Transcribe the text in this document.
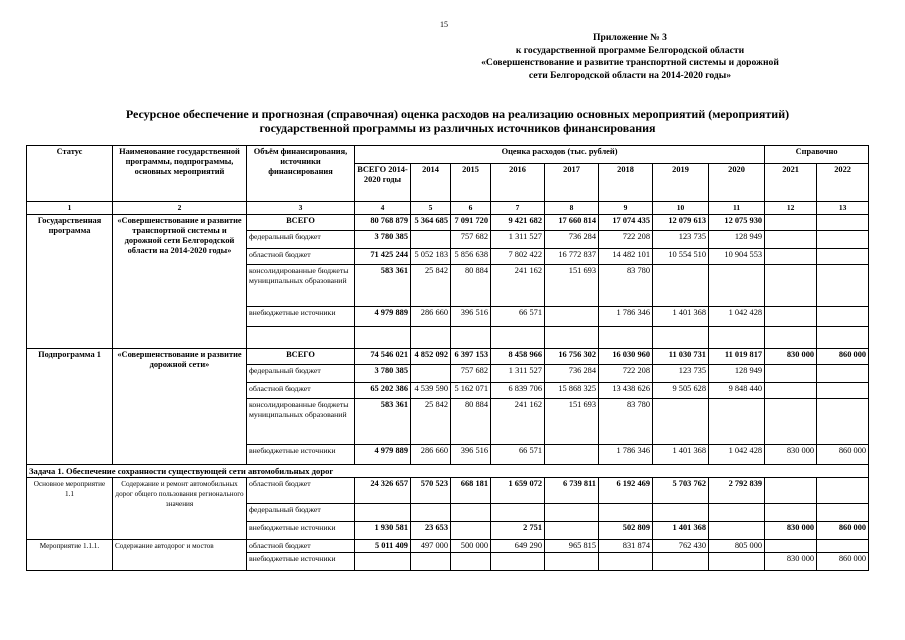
15
Приложение № 3
к государственной программе Белгородской области
«Совершенствование и развитие транспортной системы и дорожной
сети Белгородской области на 2014-2020 годы»
Ресурсное обеспечение и прогнозная (справочная) оценка расходов на реализацию основных мероприятий (мероприятий)
государственной программы из различных источников финансирования
Статус	Наименование государственной программы, подпрограммы, основных мероприятий	Объём финансирования, источники финансирования	Оценка расходов (тыс. рублей)								Справочно	
			ВСЕГО 2014-2020 годы	2014	2015	2016	2017	2018	2019	2020	2021	2022
1	2	3	4	5	6	7	8	9	10	11	12	13
Государственная программа	«Совершенствование и развитие транспортной системы и дорожной сети Белгородской области на 2014-2020 годы»	ВСЕГО	80 768 879	5 364 685	7 091 720	9 421 682	17 660 814	17 074 435	12 079 613	12 075 930		
		федеральный бюджет	3 780 385		757 682	1 311 527	736 284	722 208	123 735	128 949		
		областной бюджет	71 425 244	5 052 183	5 856 638	7 802 422	16 772 837	14 482 101	10 554 510	10 904 553		
		консолидированные бюджеты муниципальных образований	583 361	25 842	80 884	241 162	151 693	83 780				
		внебюджетные источники	4 979 889	286 660	396 516	66 571		1 786 346	1 401 368	1 042 428		

Подпрограмма 1	«Совершенствование и развитие дорожной сети»	ВСЕГО	74 546 021	4 852 092	6 397 153	8 458 966	16 756 302	16 030 960	11 030 731	11 019 817	830 000	860 000
		федеральный бюджет	3 780 385		757 682	1 311 527	736 284	722 208	123 735	128 949		
		областной бюджет	65 202 386	4 539 590	5 162 071	6 839 706	15 868 325	13 438 626	9 505 628	9 848 440		
		консолидированные бюджеты муниципальных образований	583 361	25 842	80 884	241 162	151 693	83 780				
		внебюджетные источники	4 979 889	286 660	396 516	66 571		1 786 346	1 401 368	1 042 428	830 000	860 000
Задача 1. Обеспечение сохранности существующей сети автомобильных дорог												
Основное мероприятие 1.1	Содержание и ремонт автомобильных дорог общего пользования регионального значения	областной бюджет	24 326 657	570 523	668 181	1 659 072	6 739 811	6 192 469	5 703 762	2 792 839		
		федеральный бюджет										
		внебюджетные источники	1 930 581	23 653		2 751		502 809	1 401 368		830 000	860 000
Мероприятие 1.1.1.	Содержание автодорог и мостов	областной бюджет	5 011 409	497 000	500 000	649 290	965 815	831 874	762 430	805 000		
		внебюджетные источники									830 000	860 000
